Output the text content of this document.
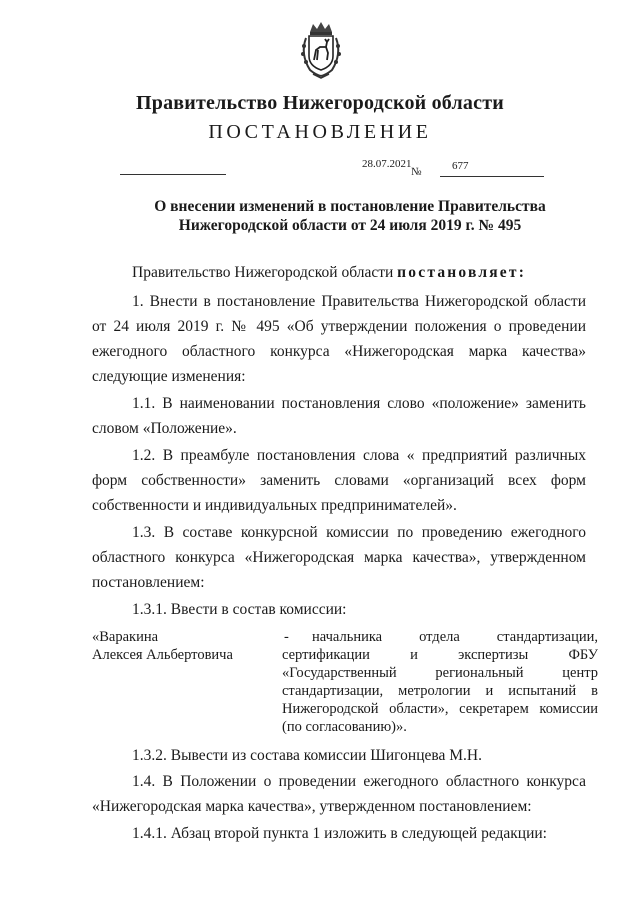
Правительство Нижегородской области
ПОСТАНОВЛЕНИЕ
28.07.2021
№	677
О внесении изменений в постановление Правительства
Нижегородской области от 24 июля 2019 г. № 495
Правительство Нижегородской области постановляет:
1. Внести в постановление Правительства Нижегородской области от 24 июля 2019 г. № 495 «Об утверждении положения о проведении ежегодного областного конкурса «Нижегородская марка качества» следующие изменения:
1.1. В наименовании постановления слово «положение» заменить словом «Положение».
1.2. В преамбуле постановления слова « предприятий различных форм собственности» заменить словами «организаций всех форм собственности и индивидуальных предпринимателей».
1.3. В составе конкурсной комиссии по проведению ежегодного областного конкурса «Нижегородская марка качества», утвержденном постановлением:
1.3.1. Ввести в состав комиссии:
«Варакина
Алексея Альбертовича
-	начальника отдела стандартизации, сертификации и экспертизы ФБУ «Государственный региональный центр стандартизации, метрологии и испытаний в Нижегородской области», секретарем комиссии (по согласованию)».
1.3.2. Вывести из состава комиссии Шигонцева М.Н.
1.4. В Положении о проведении ежегодного областного конкурса «Нижегородская марка качества», утвержденном постановлением:
1.4.1. Абзац второй пункта 1 изложить в следующей редакции:
